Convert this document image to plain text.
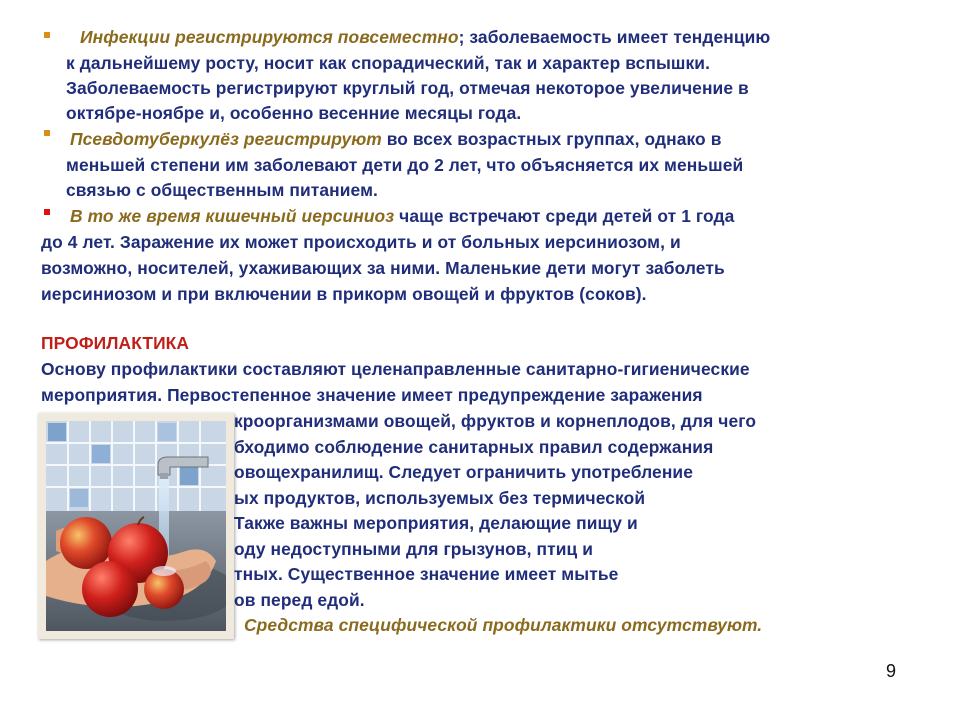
Инфекции регистрируются повсеместно; заболеваемость имеет тенденцию
к дальнейшему росту, носит как спорадический, так и характер вспышки.
Заболеваемость регистрируют круглый год, отмечая некоторое увеличение в
октябре-ноябре и, особенно весенние месяцы года.
Псевдотуберкулёз регистрируют во всех возрастных группах, однако в
меньшей степени им заболевают дети до 2 лет, что объясняется их меньшей
связью с общественным питанием.
В то же время кишечный иерсиниоз чаще встречают среди детей от 1 года
до 4 лет. Заражение их может происходить и от больных иерсиниозом, и
возможно, носителей, ухаживающих за ними. Маленькие дети могут заболеть
иерсиниозом и при включении в прикорм овощей и фруктов (соков).
ПРОФИЛАКТИКА
Основу профилактики составляют целенаправленные санитарно-гигиенические
мероприятия. Первостепенное значение имеет предупреждение заражения
кроорганизмами овощей, фруктов и корнеплодов, для чего
бходимо соблюдение санитарных правил содержания
овощехранилищ. Следует ограничить употребление
ых продуктов, используемых без термической
Также важны мероприятия, делающие пищу и
оду недоступными для грызунов, птиц и
тных. Существенное значение имеет мытье
ов перед едой.
Средства специфической профилактики отсутствуют.
9
